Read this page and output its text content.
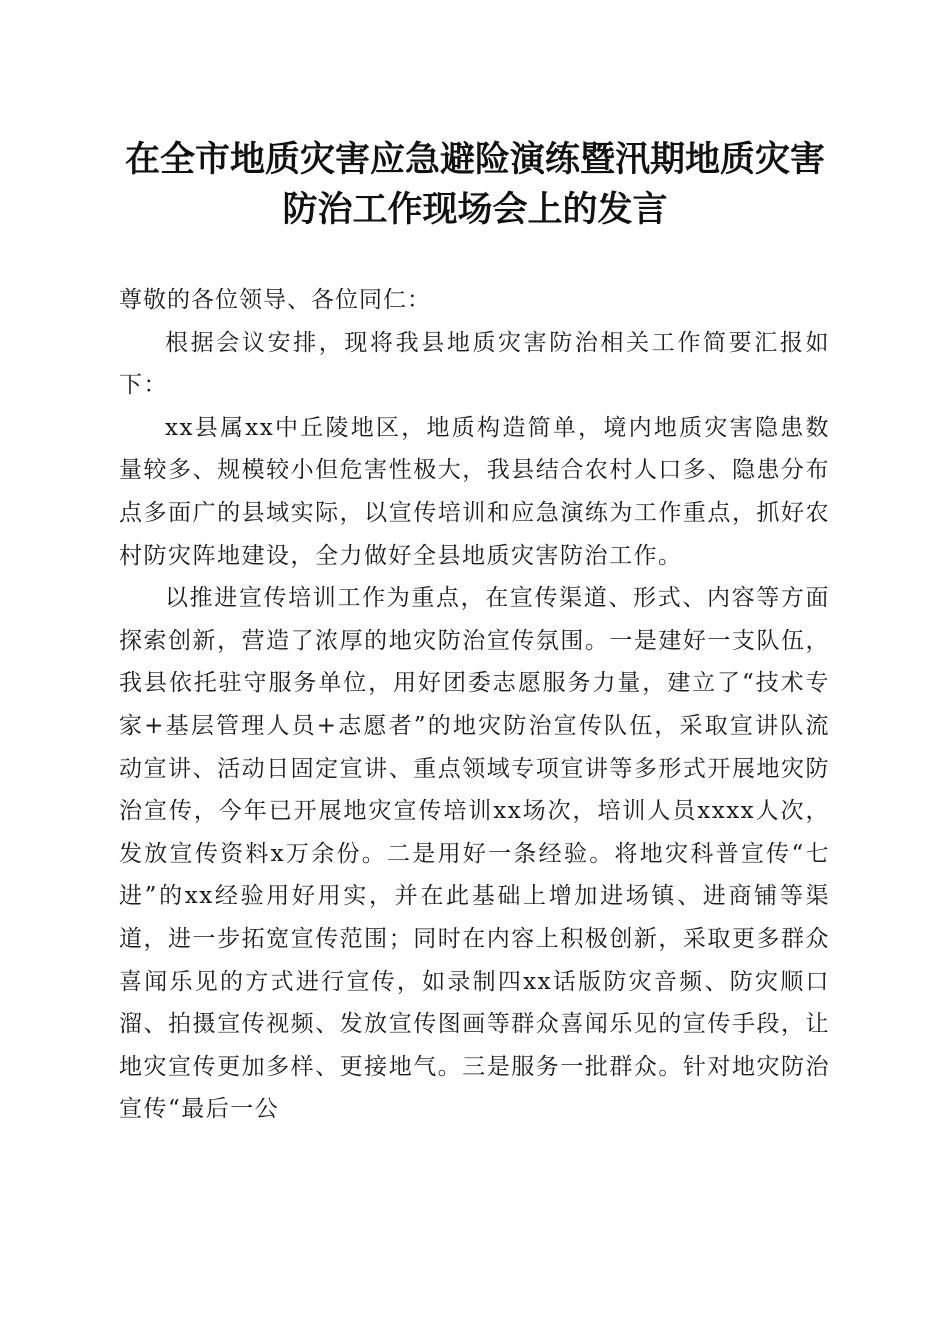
在全市地质灾害应急避险演练暨汛期地质灾害
防治工作现场会上的发言

尊敬的各位领导、各位同仁：

根据会议安排，现将我县地质灾害防治相关工作简要汇报如下：

xx县属xx中丘陵地区，地质构造简单，境内地质灾害隐患数量较多、规模较小但危害性极大，我县结合农村人口多、隐患分布点多面广的县域实际，以宣传培训和应急演练为工作重点，抓好农村防灾阵地建设，全力做好全县地质灾害防治工作。

以推进宣传培训工作为重点，在宣传渠道、形式、内容等方面探索创新，营造了浓厚的地灾防治宣传氛围。一是建好一支队伍，我县依托驻守服务单位，用好团委志愿服务力量，建立了“技术专家+基层管理人员+志愿者”的地灾防治宣传队伍，采取宣讲队流动宣讲、活动日固定宣讲、重点领域专项宣讲等多形式开展地灾防治宣传，今年已开展地灾宣传培训xx场次，培训人员xxxx人次，发放宣传资料x万余份。二是用好一条经验。将地灾科普宣传“七进”的xx经验用好用实，并在此基础上增加进场镇、进商铺等渠道，进一步拓宽宣传范围；同时在内容上积极创新，采取更多群众喜闻乐见的方式进行宣传，如录制四xx话版防灾音频、防灾顺口溜、拍摄宣传视频、发放宣传图画等群众喜闻乐见的宣传手段，让地灾宣传更加多样、更接地气。三是服务一批群众。针对地灾防治宣传“最后一公
